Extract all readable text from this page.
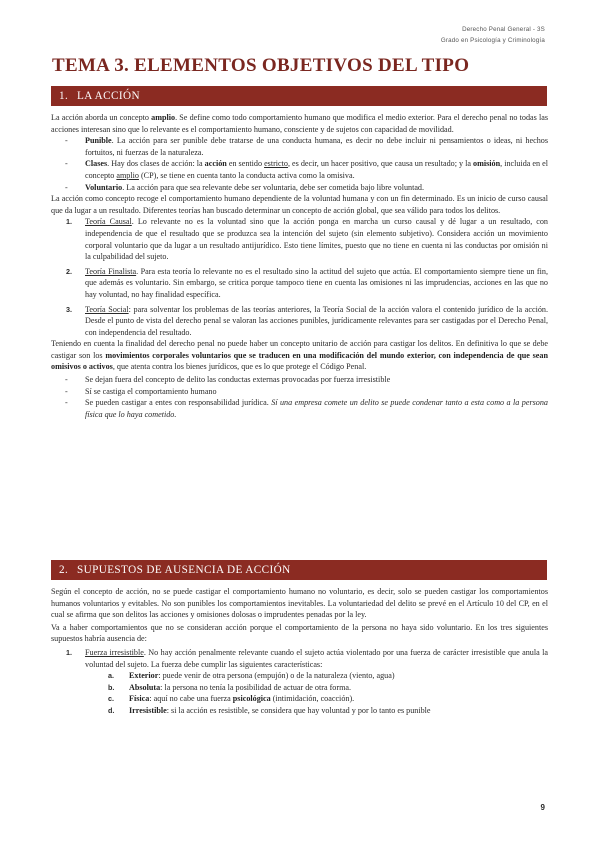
Derecho Penal General - 3S
Grado en Psicología y Criminología
TEMA 3. ELEMENTOS OBJETIVOS DEL TIPO
1. LA ACCIÓN

La acción aborda un concepto amplio. Se define como todo comportamiento humano que modifica el medio exterior. Para el derecho penal no todas las acciones interesan sino que lo relevante es el comportamiento humano, consciente y de sujetos con capacidad de movilidad.

- Punible. La acción para ser punible debe tratarse de una conducta humana, es decir no debe incluir ni pensamientos o ideas, ni hechos fortuitos, ni fuerzas de la naturaleza.
- Clases. Hay dos clases de acción: la acción en sentido estricto, es decir, un hacer positivo, que causa un resultado; y la omisión, incluida en el concepto amplio (CP), se tiene en cuenta tanto la conducta activa como la omisiva.
- Voluntario. La acción para que sea relevante debe ser voluntaria, debe ser cometida bajo libre voluntad.

La acción como concepto recoge el comportamiento humano dependiente de la voluntad humana y con un fin determinado. Es un inicio de curso causal que da lugar a un resultado. Diferentes teorías han buscado determinar un concepto de acción global, que sea válido para todos los delitos.

1. Teoría Causal. Lo relevante no es la voluntad sino que la acción ponga en marcha un curso causal y dé lugar a un resultado, con independencia de que el resultado que se produzca sea la intención del sujeto (sin elemento subjetivo). Considera acción un movimiento corporal voluntario que da lugar a un resultado antijurídico. Esto tiene límites, puesto que no tiene en cuenta ni las conductas por omisión ni la culpabilidad del sujeto.
2. Teoría Finalista. Para esta teoría lo relevante no es el resultado sino la actitud del sujeto que actúa. El comportamiento siempre tiene un fin, que además es voluntario. Sin embargo, se critica porque tampoco tiene en cuenta las omisiones ni las imprudencias, acciones en las que no hay voluntad, no hay finalidad específica.
3. Teoría Social: para solventar los problemas de las teorías anteriores, la Teoría Social de la acción valora el contenido jurídico de la acción. Desde el punto de vista del derecho penal se valoran las acciones punibles, jurídicamente relevantes para ser castigadas por el Derecho Penal, con independencia del resultado.

Teniendo en cuenta la finalidad del derecho penal no puede haber un concepto unitario de acción para castigar los delitos. En definitiva lo que se debe castigar son los movimientos corporales voluntarios que se traducen en una modificación del mundo exterior, con independencia de que sean omisivos o activos, que atenta contra los bienes jurídicos, que es lo que protege el Código Penal.

- Se dejan fuera del concepto de delito las conductas externas provocadas por fuerza irresistible
- Sí se castiga el comportamiento humano
- Se pueden castigar a entes con responsabilidad jurídica. Sí una empresa comete un delito se puede condenar tanto a esta como a la persona física que lo haya cometido.
2. SUPUESTOS DE AUSENCIA DE ACCIÓN

Según el concepto de acción, no se puede castigar el comportamiento humano no voluntario, es decir, solo se pueden castigar los comportamientos humanos voluntarios y evitables. No son punibles los comportamientos inevitables. La voluntariedad del delito se prevé en el Artículo 10 del CP, en el cual se afirma que son delitos las acciones y omisiones dolosas o imprudentes penadas por la ley.

Va a haber comportamientos que no se consideran acción porque el comportamiento de la persona no haya sido voluntario. En los tres siguientes supuestos habría ausencia de:

1. Fuerza irresistible. No hay acción penalmente relevante cuando el sujeto actúa violentado por una fuerza de carácter irresistible que anula la voluntad del sujeto. La fuerza debe cumplir las siguientes características:
a. Exterior: puede venir de otra persona (empujón) o de la naturaleza (viento, agua)
b. Absoluta: la persona no tenía la posibilidad de actuar de otra forma.
c. Física: aquí no cabe una fuerza psicológica (intimidación, coacción).
d. Irresistible: si la acción es resistible, se considera que hay voluntad y por lo tanto es punible
9
